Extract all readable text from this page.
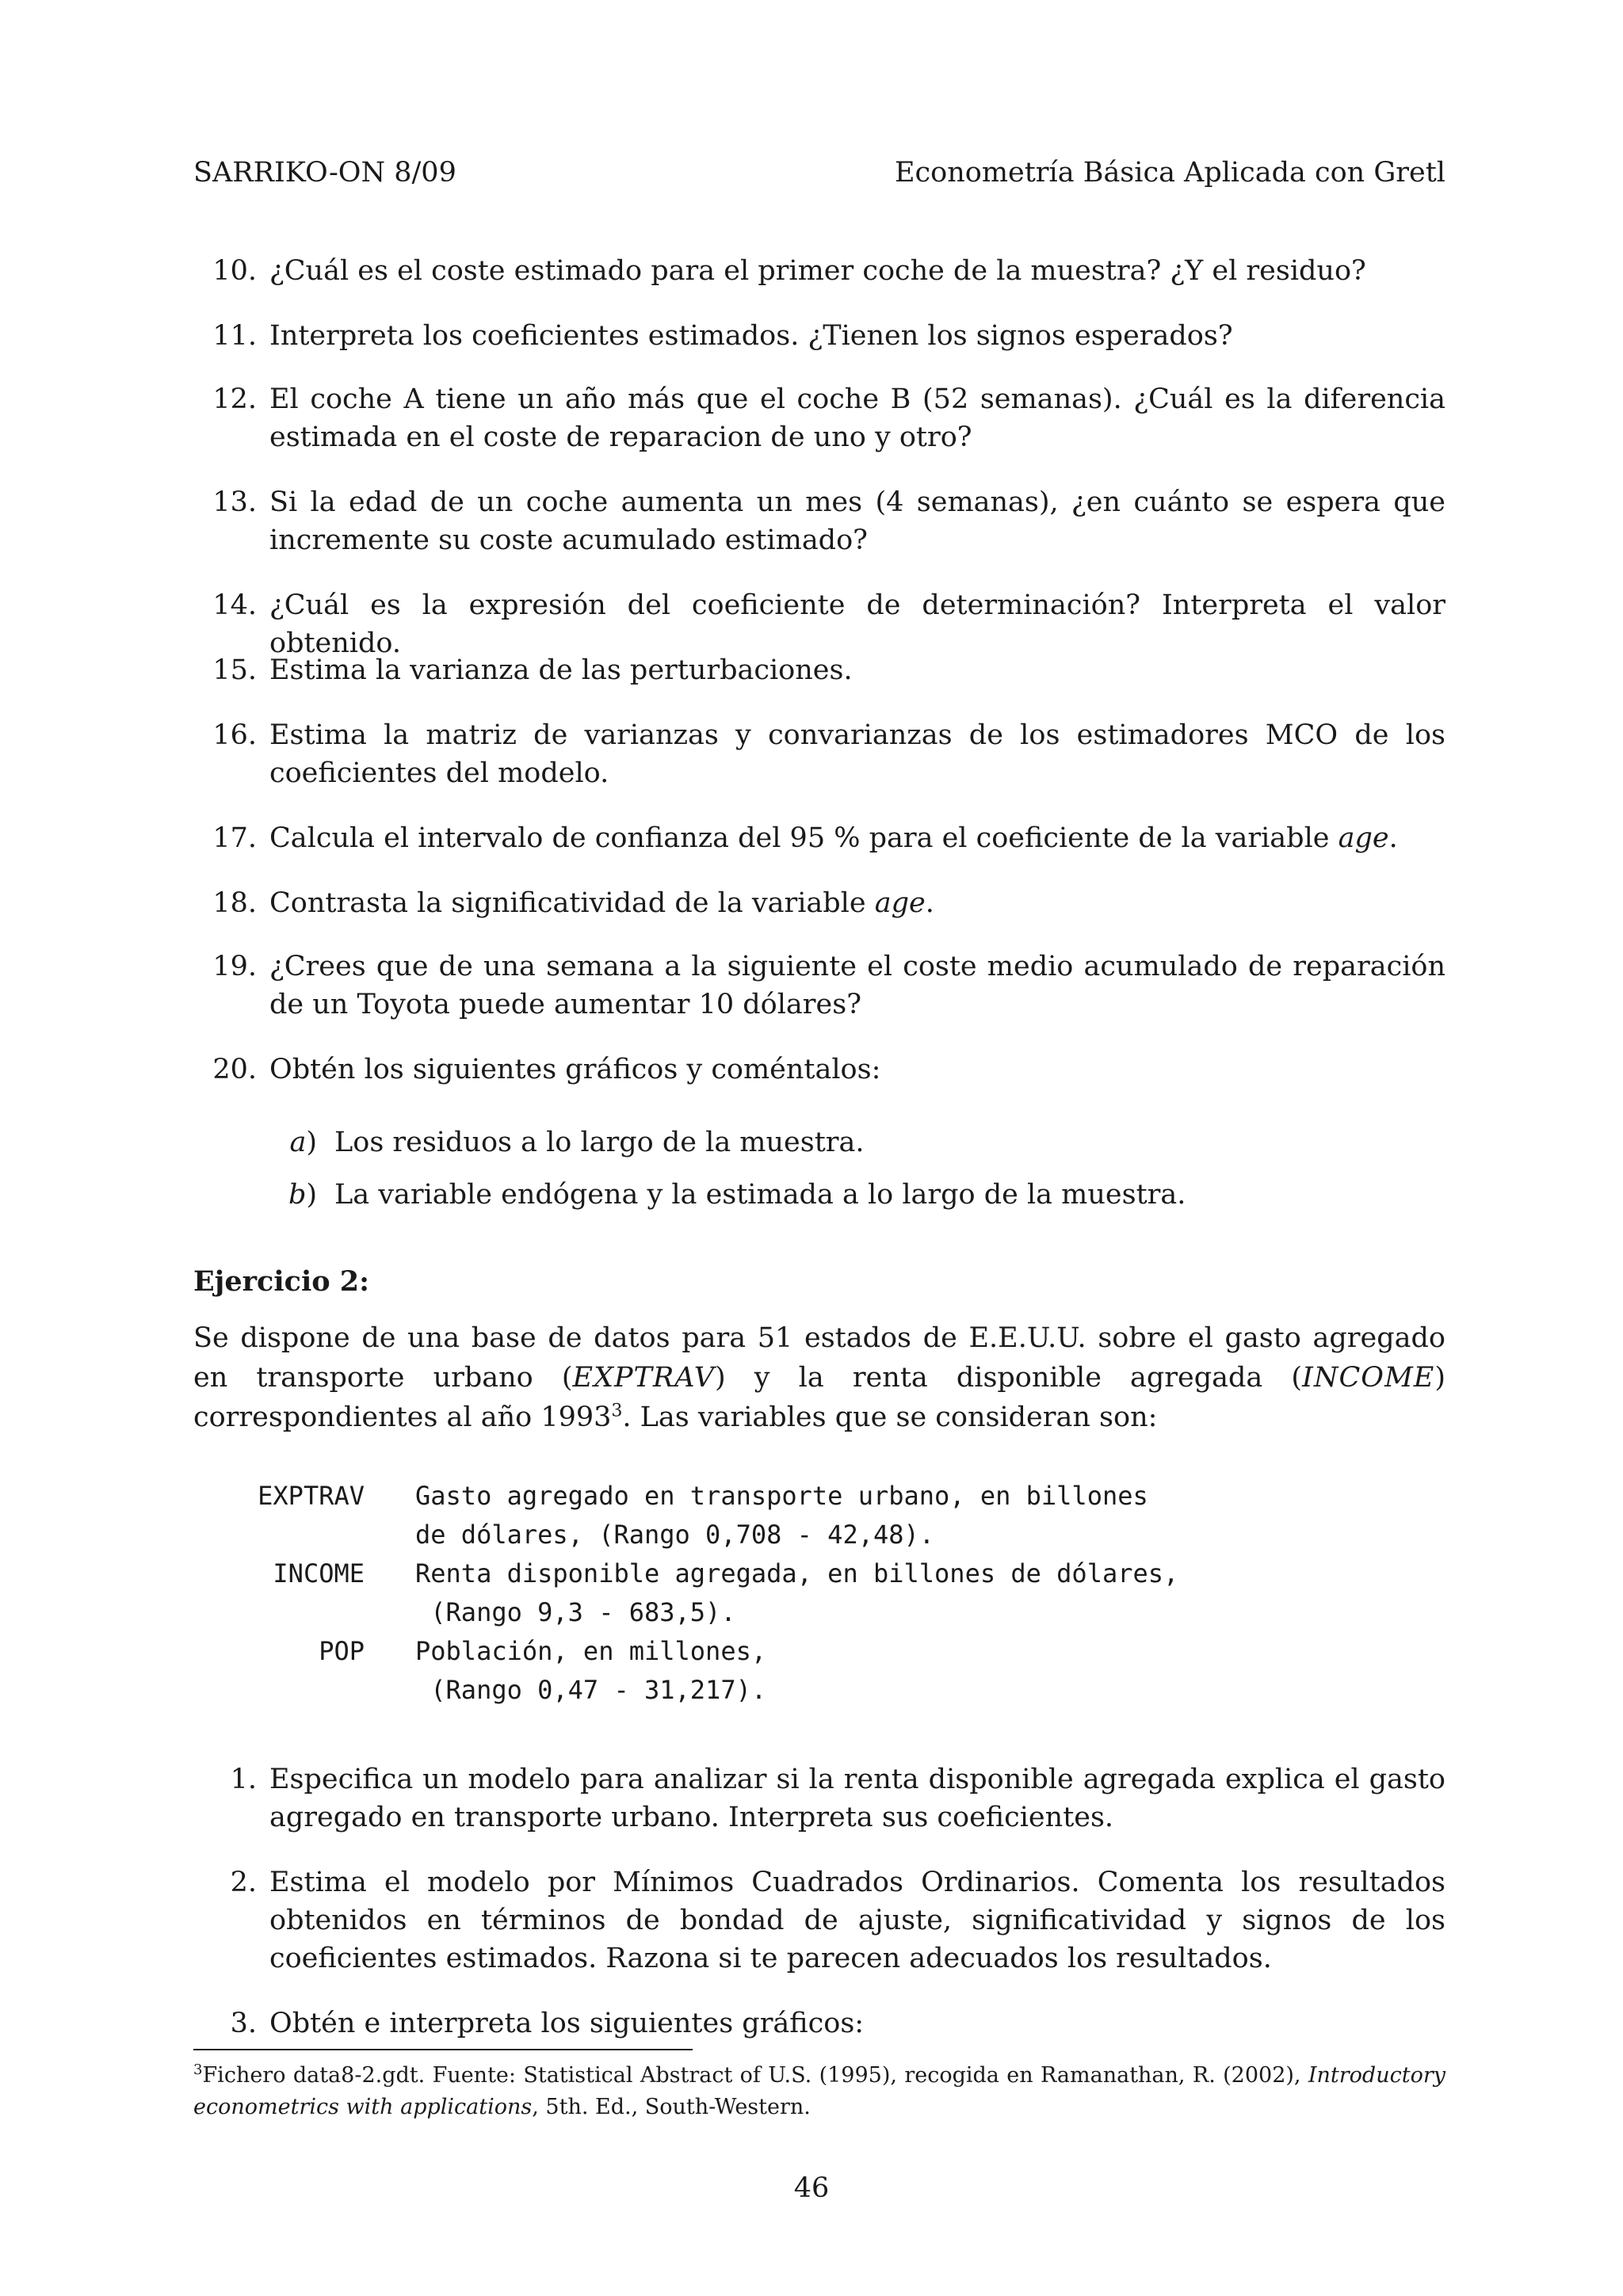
SARRIKO-ON 8/09	Econometría Básica Aplicada con Gretl
10. ¿Cuál es el coste estimado para el primer coche de la muestra? ¿Y el residuo?
11. Interpreta los coeficientes estimados. ¿Tienen los signos esperados?
12. El coche A tiene un año más que el coche B (52 semanas). ¿Cuál es la diferencia estimada en el coste de reparacion de uno y otro?
13. Si la edad de un coche aumenta un mes (4 semanas), ¿en cuánto se espera que incremente su coste acumulado estimado?
14. ¿Cuál es la expresión del coeficiente de determinación? Interpreta el valor obtenido.
15. Estima la varianza de las perturbaciones.
16. Estima la matriz de varianzas y convarianzas de los estimadores MCO de los coeficientes del modelo.
17. Calcula el intervalo de confianza del 95 % para el coeficiente de la variable age.
18. Contrasta la significatividad de la variable age.
19. ¿Crees que de una semana a la siguiente el coste medio acumulado de reparación de un Toyota puede aumentar 10 dólares?
20. Obtén los siguientes gráficos y coméntalos:
a) Los residuos a lo largo de la muestra.
b) La variable endógena y la estimada a lo largo de la muestra.
Ejercicio 2:
Se dispone de una base de datos para 51 estados de E.E.U.U. sobre el gasto agregado en transporte urbano (EXPTRAV) y la renta disponible agregada (INCOME) correspondientes al año 1993$^3$. Las variables que se consideran son:
EXPTRAV Gasto agregado en transporte urbano, en billones
de dólares, (Rango 0,708 - 42,48).
INCOME Renta disponible agregada, en billones de dólares,
(Rango 9,3 - 683,5).
POP Población, en millones,
(Rango 0,47 - 31,217).
1. Especifica un modelo para analizar si la renta disponible agregada explica el gasto agregado en transporte urbano. Interpreta sus coeficientes.
2. Estima el modelo por Mínimos Cuadrados Ordinarios. Comenta los resultados obtenidos en términos de bondad de ajuste, significatividad y signos de los coeficientes estimados. Razona si te parecen adecuados los resultados.
3. Obtén e interpreta los siguientes gráficos:
$^3$Fichero data8-2.gdt. Fuente: Statistical Abstract of U.S. (1995), recogida en Ramanathan, R. (2002), Introductory econometrics with applications, 5th. Ed., South-Western.
46
